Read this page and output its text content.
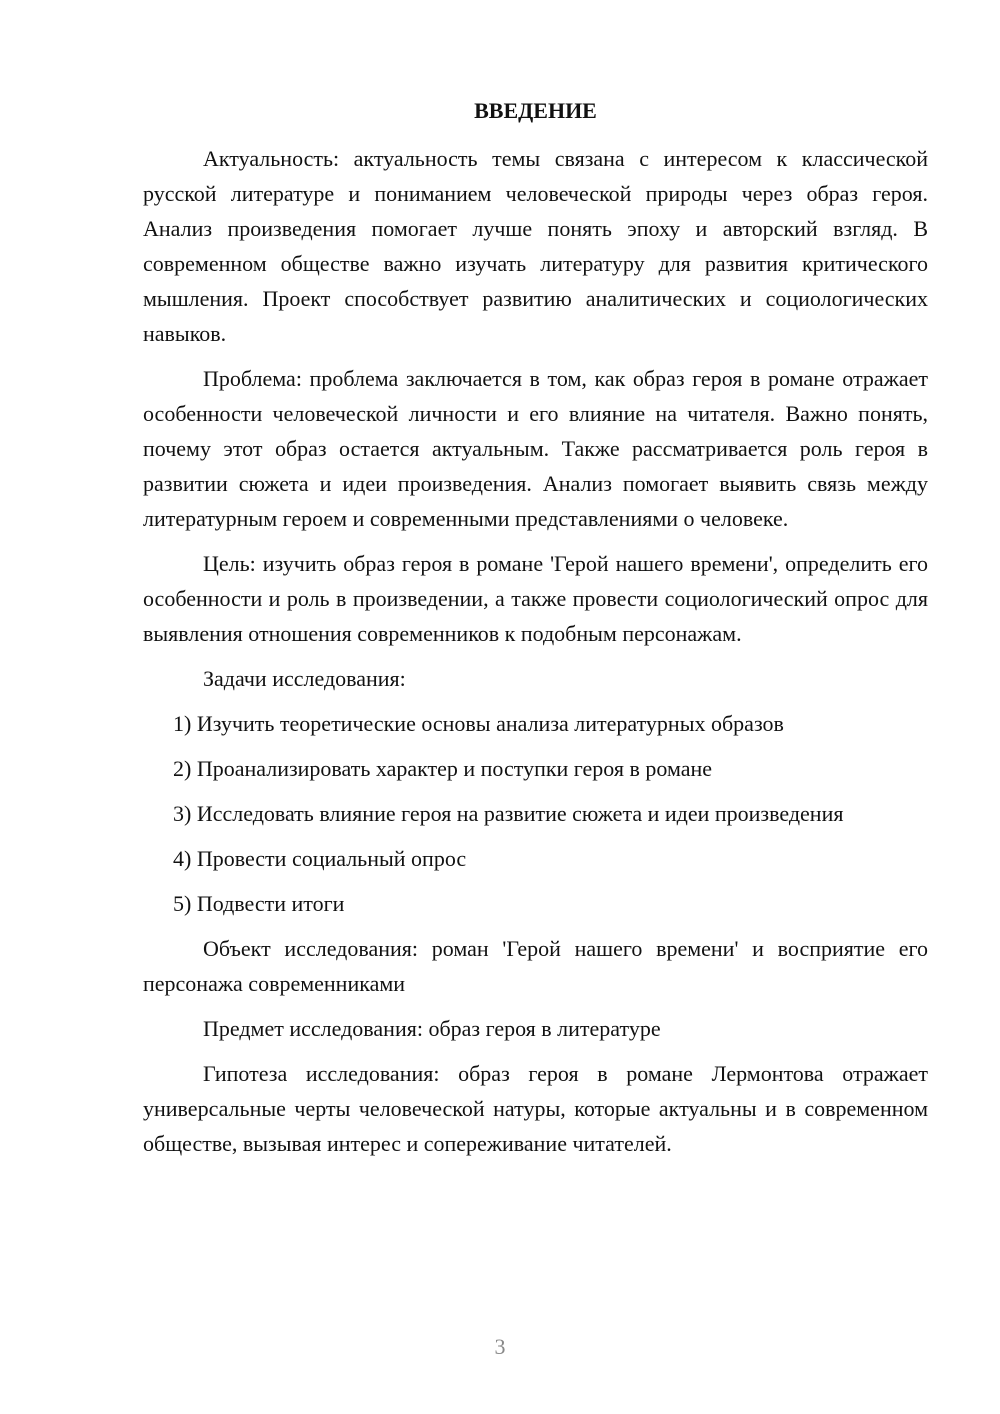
ВВЕДЕНИЕ

Актуальность: актуальность темы связана с интересом к классической русской литературе и пониманием человеческой природы через образ героя. Анализ произведения помогает лучше понять эпоху и авторский взгляд. В современном обществе важно изучать литературу для развития критического мышления. Проект способствует развитию аналитических и социологических навыков.

Проблема: проблема заключается в том, как образ героя в романе отражает особенности человеческой личности и его влияние на читателя. Важно понять, почему этот образ остается актуальным. Также рассматривается роль героя в развитии сюжета и идеи произведения. Анализ помогает выявить связь между литературным героем и современными представлениями о человеке.

Цель: изучить образ героя в романе 'Герой нашего времени', определить его особенности и роль в произведении, а также провести социологический опрос для выявления отношения современников к подобным персонажам.

Задачи исследования:

1) Изучить теоретические основы анализа литературных образов

2) Проанализировать характер и поступки героя в романе

3) Исследовать влияние героя на развитие сюжета и идеи произведения

4) Провести социальный опрос

5) Подвести итоги

Объект исследования: роман 'Герой нашего времени' и восприятие его персонажа современниками

Предмет исследования: образ героя в литературе

Гипотеза исследования: образ героя в романе Лермонтова отражает универсальные черты человеческой натуры, которые актуальны и в современном обществе, вызывая интерес и сопереживание читателей.

3
